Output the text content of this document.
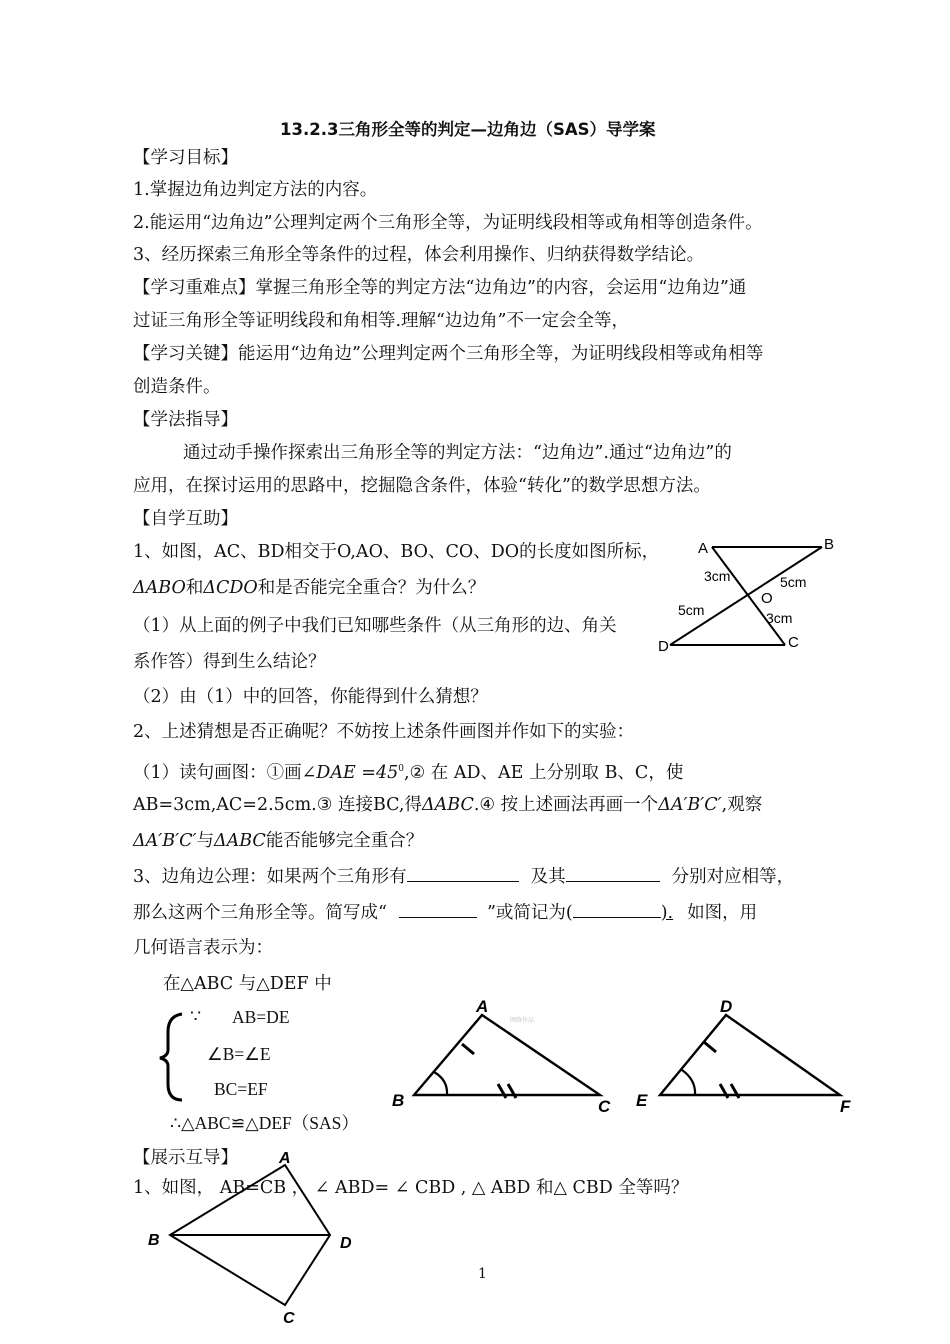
13.2.3三角形全等的判定—边角边（SAS）导学案
【学习目标】
1.掌握边角边判定方法的内容。
2.能运用“边角边”公理判定两个三角形全等，为证明线段相等或角相等创造条件。
3、经历探索三角形全等条件的过程，体会利用操作、归纳获得数学结论。
【学习重难点】掌握三角形全等的判定方法“边角边”的内容，会运用“边角边”通
过证三角形全等证明线段和角相等.理解“边边角”不一定会全等，
【学习关键】能运用“边角边”公理判定两个三角形全等，为证明线段相等或角相等
创造条件。
【学法指导】
通过动手操作探索出三角形全等的判定方法：“边角边”.通过“边角边”的
应用，在探讨运用的思路中，挖掘隐含条件，体验“转化”的数学思想方法。
【自学互助】
1、如图，AC、BD相交于O,AO、BO、CO、DO的长度如图所标，
ΔABO和ΔCDO和是否能完全重合？为什么？
（1）从上面的例子中我们已知哪些条件（从三角形的边、角关
系作答）得到生么结论？
（2）由（1）中的回答，你能得到什么猜想？
A	B
D	C
O
3cm	5cm
5cm	3cm
2、上述猜想是否正确呢？不妨按上述条件画图并作如下的实验：
（1）读句画图：①画∠DAE $=45^0,②$ 在 AD、AE 上分别取 B、C，使
AB=3cm,AC=2.5cm.③ 连接BC,得ΔABC.④ 按上述画法再画一个ΔA′B′C′,观察
ΔA′B′C′与ΔABC能否能够完全重合？
3、边角边公理：如果两个三角形有	及其	分别对应相等，
那么这两个三角形全等。简写成“	”或简记为(	). 如图，用
几何语言表示为：
在△ABC 与△DEF 中
∵ AB=DE
∠B=∠E
BC=EF
∴△ABC≌△DEF（SAS）
A
B	C
D
E	F
网络作品
【展示互导】
1、如图， AB=CB ， ∠ ABD= ∠ CBD , △ ABD 和△ CBD 全等吗？
A
B	D
C
1
